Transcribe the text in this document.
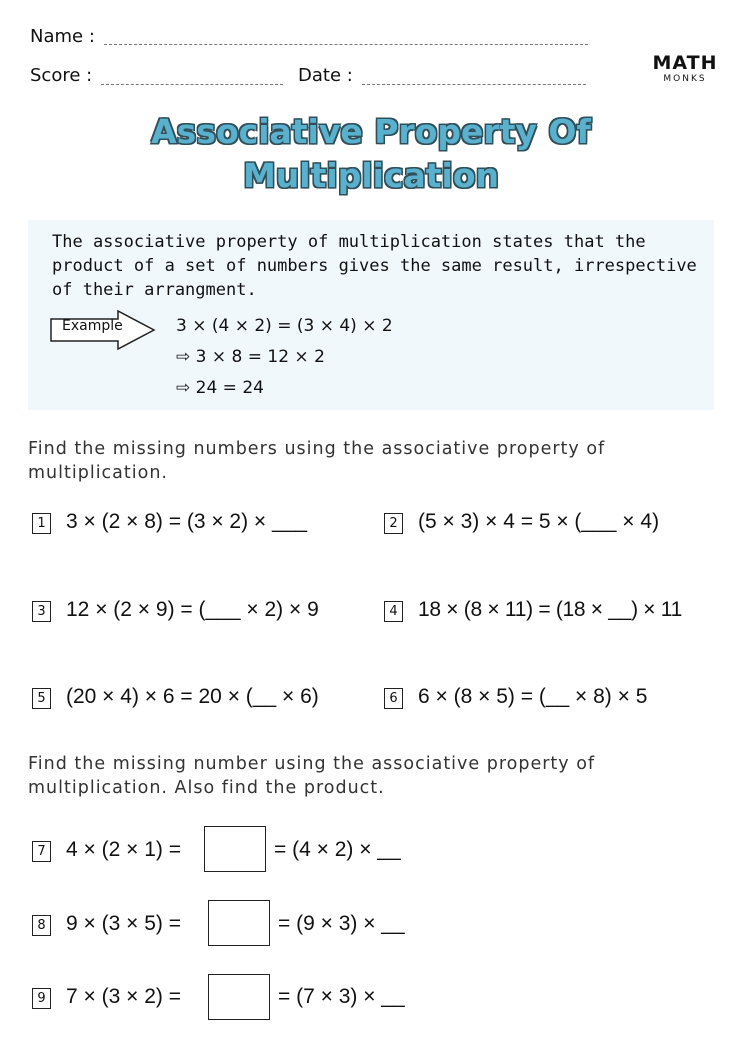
Name :
Score :	Date :
MATH
MONKS
Associative Property Of
Multiplication
The associative property of multiplication states that the
product of a set of numbers gives the same result, irrespective
of their arrangment.
Example	3 × (4 × 2) = (3 × 4) × 2
⇨ 3 × 8 = 12 × 2
⇨ 24 = 24
Find the missing numbers using the associative property of
multiplication.
1 3 × (2 × 8) = (3 × 2) × ___	2 (5 × 3) × 4 = 5 × (___ × 4)
3 12 × (2 × 9) = (___ × 2) × 9	4 18 × (8 × 11) = (18 × __) × 11
5 (20 × 4) × 6 = 20 × (__ × 6)	6 6 × (8 × 5) = (__ × 8) × 5
Find the missing number using the associative property of
multiplication. Also find the product.
7 4 × (2 × 1) =	= (4 × 2) × __
8 9 × (3 × 5) =	= (9 × 3) × __
9 7 × (3 × 2) =	= (7 × 3) × __
